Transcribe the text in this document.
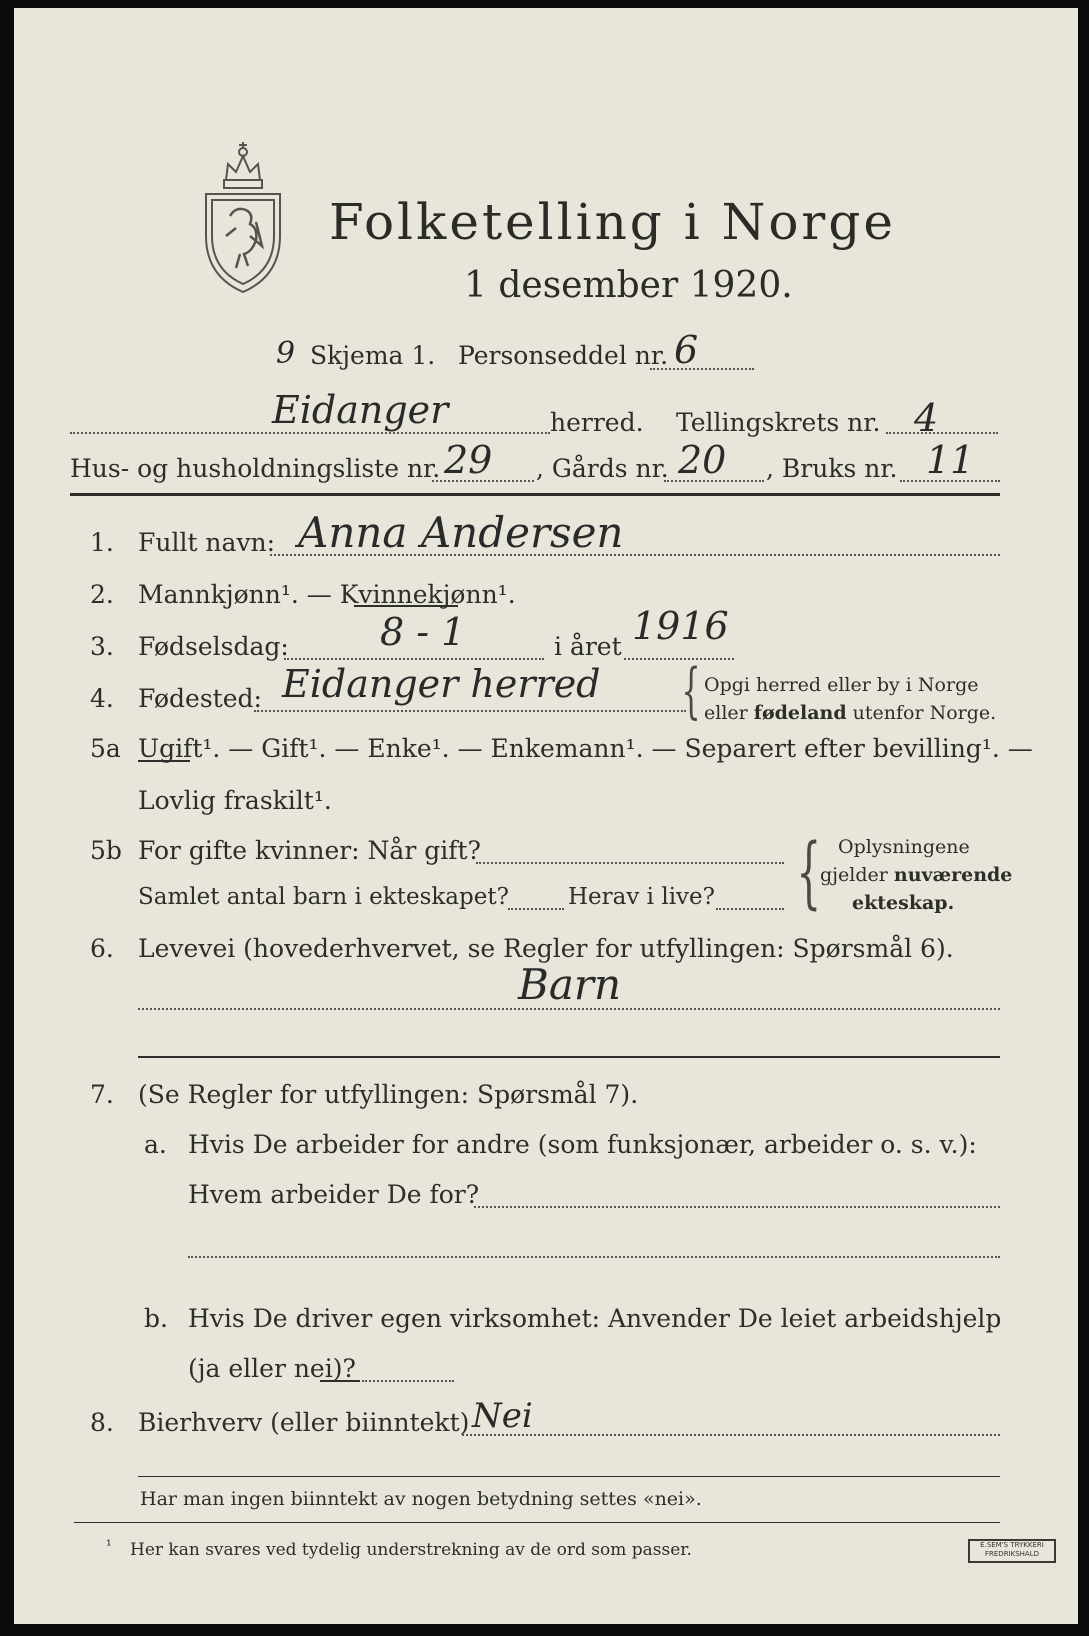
Folketelling i Norge
1 desember 1920.
9 Skjema 1. Personseddel nr. 6
Eidanger	herred. Tellingskrets nr. 4
Hus- og husholdningsliste nr. 29 , Gårds nr. 20 , Bruks nr. 11
1. Fullt navn: Anna Andersen
2. Mannkjønn¹. — Kvinnekjønn¹.
3. Fødselsdag: 8 - 1	i året 1916
4. Fødested: Eidanger herred { Opgi herred eller by i Norge
eller fødeland utenfor Norge.
5a Ugift¹. — Gift¹. — Enke¹. — Enkemann¹. — Separert efter bevilling¹. —
Lovlig fraskilt¹.
5b For gifte kvinner: Når gift?
Samlet antal barn i ekteskapet?	Herav i live? { Oplysningene
gjelder nuværende
ekteskap.
6. Levevei (hovederhvervet, se Regler for utfyllingen: Spørsmål 6).
Barn
7. (Se Regler for utfyllingen: Spørsmål 7).
a. Hvis De arbeider for andre (som funksjonær, arbeider o. s. v.):
Hvem arbeider De for?
b. Hvis De driver egen virksomhet: Anvender De leiet arbeidshjelp
(ja eller nei)?
8. Bierhverv (eller biinntekt) Nei
Har man ingen biinntekt av nogen betydning settes «nei».
¹ Her kan svares ved tydelig understrekning av de ord som passer.	E.SEM'S TRYKKERI
FREDRIKSHALD
